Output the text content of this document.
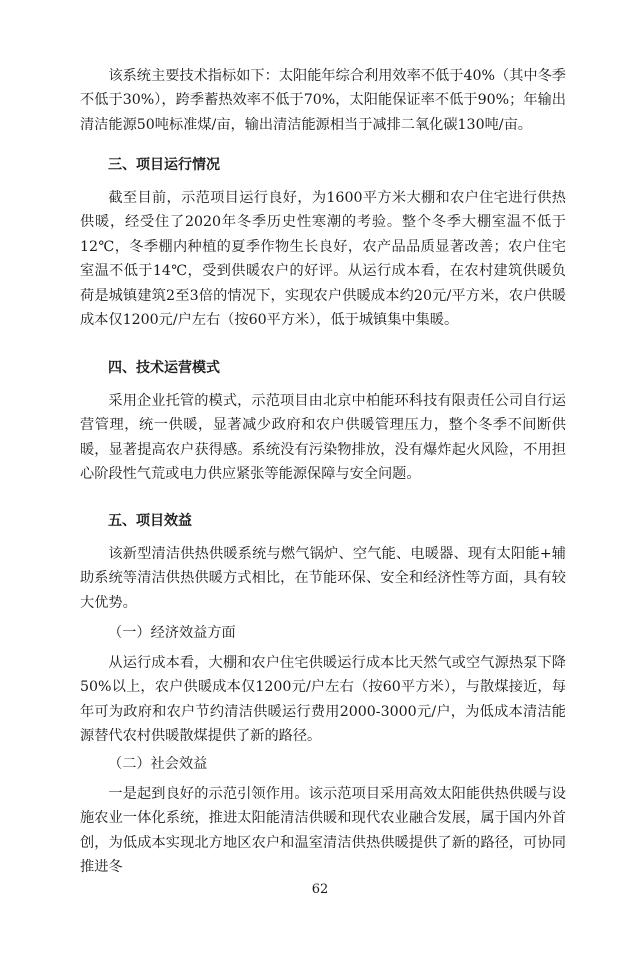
该系统主要技术指标如下：太阳能年综合利用效率不低于40%（其中冬季不低于30%），跨季蓄热效率不低于70%，太阳能保证率不低于90%；年输出清洁能源50吨标准煤/亩，输出清洁能源相当于减排二氧化碳130吨/亩。

三、项目运行情况

截至目前，示范项目运行良好，为1600平方米大棚和农户住宅进行供热供暖，经受住了2020年冬季历史性寒潮的考验。整个冬季大棚室温不低于12℃，冬季棚内种植的夏季作物生长良好，农产品品质显著改善；农户住宅室温不低于14℃，受到供暖农户的好评。从运行成本看，在农村建筑供暖负荷是城镇建筑2至3倍的情况下，实现农户供暖成本约20元/平方米，农户供暖成本仅1200元/户左右（按60平方米），低于城镇集中集暖。

四、技术运营模式

采用企业托管的模式，示范项目由北京中柏能环科技有限责任公司自行运营管理，统一供暖，显著减少政府和农户供暖管理压力，整个冬季不间断供暖，显著提高农户获得感。系统没有污染物排放，没有爆炸起火风险，不用担心阶段性气荒或电力供应紧张等能源保障与安全问题。

五、项目效益

该新型清洁供热供暖系统与燃气锅炉、空气能、电暖器、现有太阳能+辅助系统等清洁供热供暖方式相比，在节能环保、安全和经济性等方面，具有较大优势。

（一）经济效益方面

从运行成本看，大棚和农户住宅供暖运行成本比天然气或空气源热泵下降50%以上，农户供暖成本仅1200元/户左右（按60平方米），与散煤接近，每年可为政府和农户节约清洁供暖运行费用2000-3000元/户，为低成本清洁能源替代农村供暖散煤提供了新的路径。

（二）社会效益

一是起到良好的示范引领作用。该示范项目采用高效太阳能供热供暖与设施农业一体化系统，推进太阳能清洁供暖和现代农业融合发展，属于国内外首创，为低成本实现北方地区农户和温室清洁供热供暖提供了新的路径，可协同推进冬

62
